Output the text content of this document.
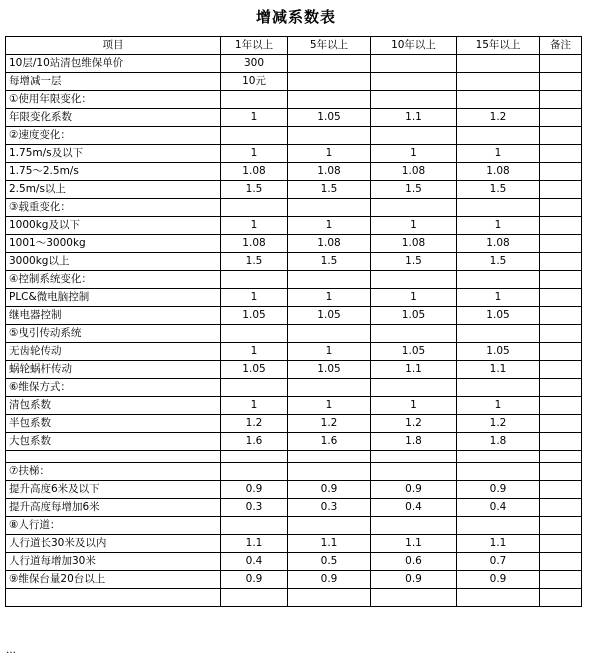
增减系数表
项目	1年以上	5年以上	10年以上	15年以上	备注
10层/10站清包维保单价	300				
每增减一层	10元				
①使用年限变化：					
年限变化系数	1	1.05	1.1	1.2	
②速度变化：					
1.75m/s及以下	1	1	1	1	
1.75～2.5m/s	1.08	1.08	1.08	1.08	
2.5m/s以上	1.5	1.5	1.5	1.5	
③载重变化：					
1000kg及以下	1	1	1	1	
1001～3000kg	1.08	1.08	1.08	1.08	
3000kg以上	1.5	1.5	1.5	1.5	
④控制系统变化：					
PLC&微电脑控制	1	1	1	1	
继电器控制	1.05	1.05	1.05	1.05	
⑤曳引传动系统					
无齿轮传动	1	1	1.05	1.05	
蜗轮蜗杆传动	1.05	1.05	1.1	1.1	
⑥维保方式：					
清包系数	1	1	1	1	
半包系数	1.2	1.2	1.2	1.2	
大包系数	1.6	1.6	1.8	1.8	

⑦扶梯：					
提升高度6米及以下	0.9	0.9	0.9	0.9	
提升高度每增加6米	0.3	0.3	0.4	0.4	
⑧人行道：					
人行道长30米及以内	1.1	1.1	1.1	1.1	
人行道每增加30米	0.4	0.5	0.6	0.7	
⑨维保台量20台以上	0.9	0.9	0.9	0.9	

…
